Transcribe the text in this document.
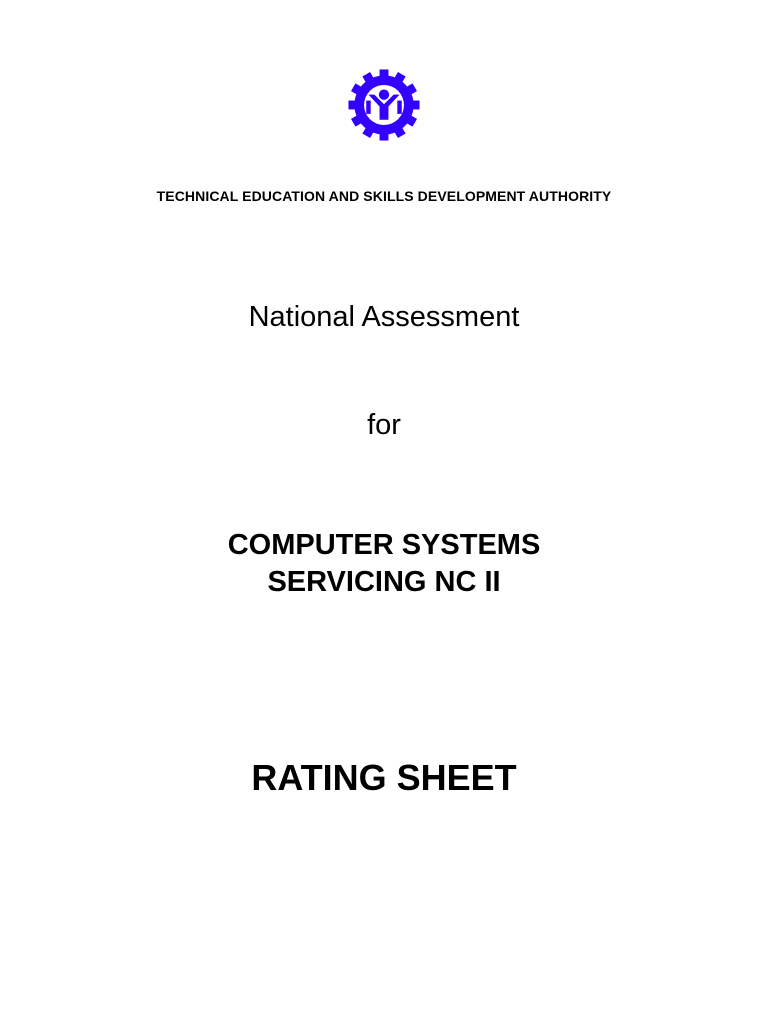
TECHNICAL EDUCATION AND SKILLS DEVELOPMENT AUTHORITY
National Assessment
for
COMPUTER SYSTEMS
SERVICING NC II
RATING SHEET
